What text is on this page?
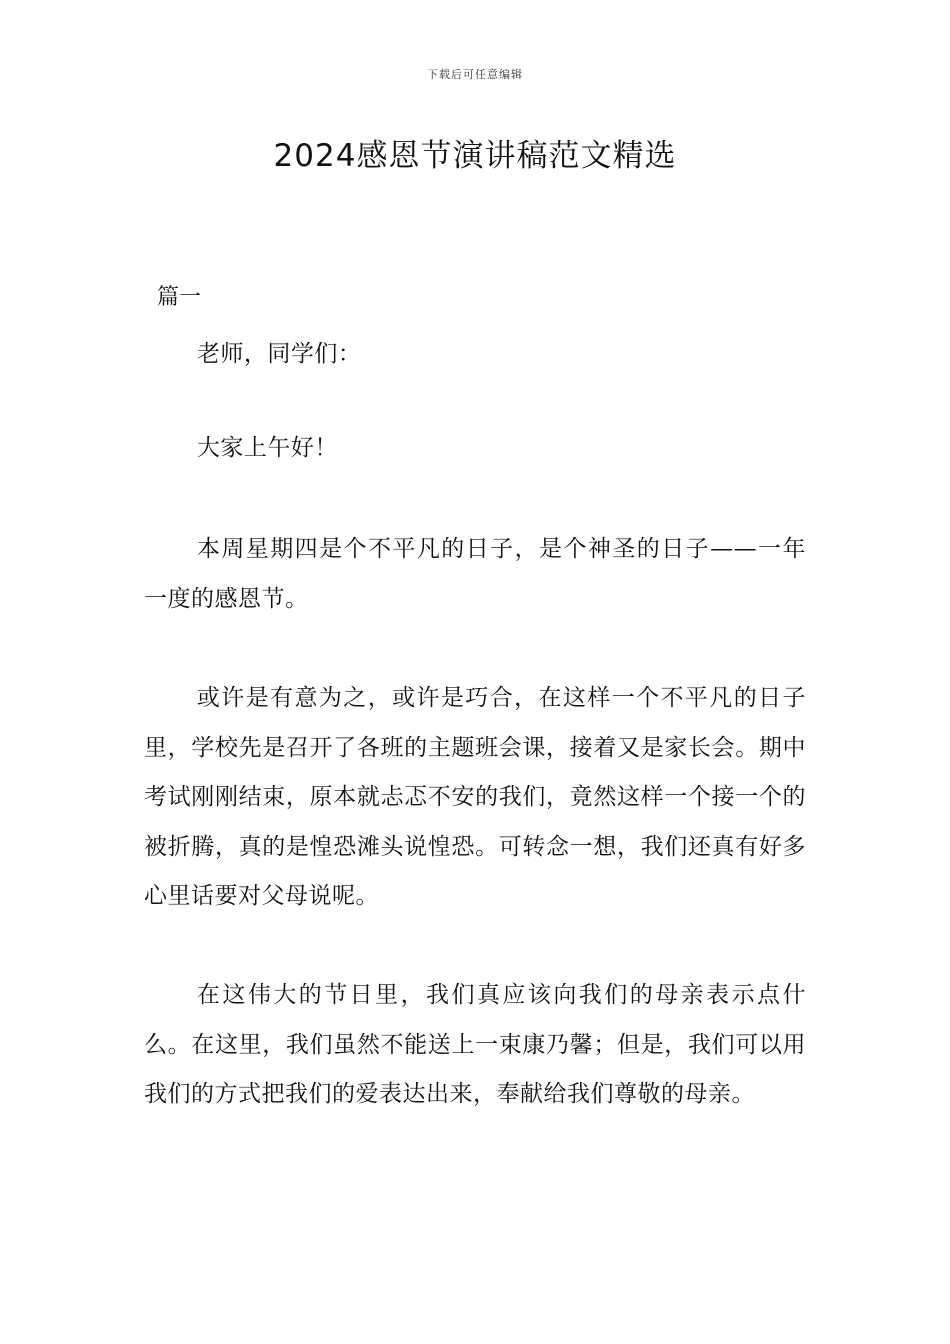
下载后可任意编辑
2024感恩节演讲稿范文精选
篇一

老师，同学们：

大家上午好！

本周星期四是个不平凡的日子，是个神圣的日子——一年一度的感恩节。

或许是有意为之，或许是巧合，在这样一个不平凡的日子里，学校先是召开了各班的主题班会课，接着又是家长会。期中考试刚刚结束，原本就忐忑不安的我们，竟然这样一个接一个的被折腾，真的是惶恐滩头说惶恐。可转念一想，我们还真有好多心里话要对父母说呢。

在这伟大的节日里，我们真应该向我们的母亲表示点什么。在这里，我们虽然不能送上一束康乃馨；但是，我们可以用我们的方式把我们的爱表达出来，奉献给我们尊敬的母亲。
